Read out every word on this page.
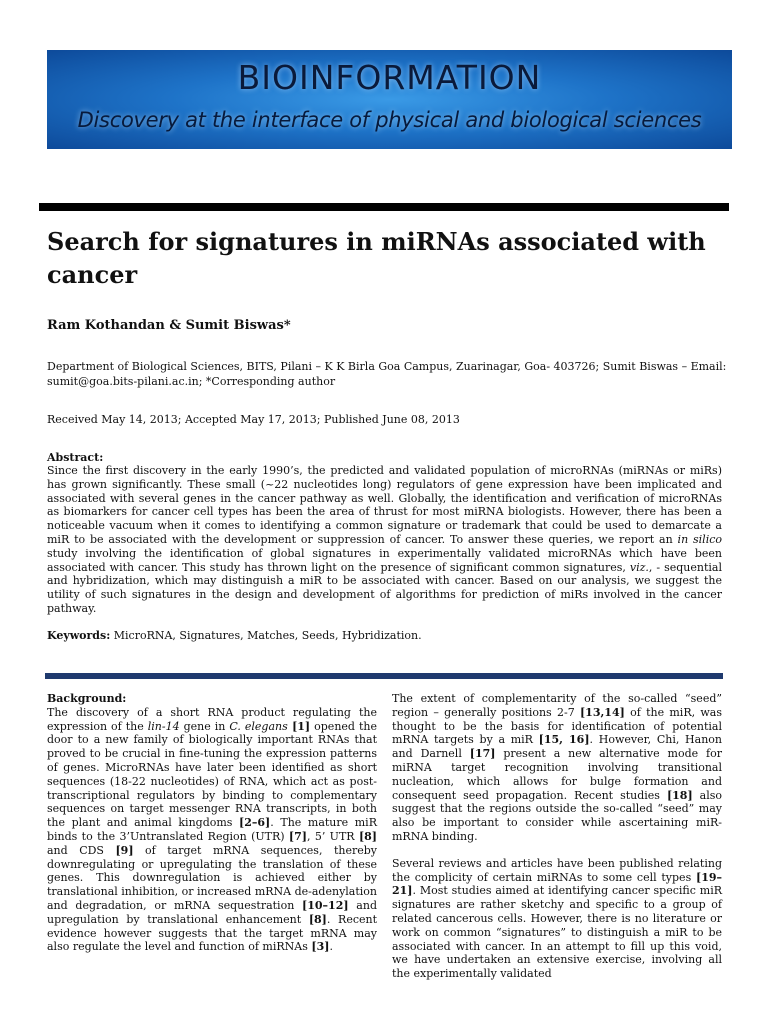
BIOINFORMATION
Discovery at the interface of physical and biological sciences
Search for signatures in miRNAs associated with cancer
Ram Kothandan & Sumit Biswas*
Department of Biological Sciences, BITS, Pilani – K K Birla Goa Campus, Zuarinagar, Goa- 403726; Sumit Biswas – Email: sumit@goa.bits-pilani.ac.in; *Corresponding author
Received May 14, 2013; Accepted May 17, 2013; Published June 08, 2013
Abstract:

Since the first discovery in the early 1990’s, the predicted and validated population of microRNAs (miRNAs or miRs) has grown significantly. These small (~22 nucleotides long) regulators of gene expression have been implicated and associated with several genes in the cancer pathway as well. Globally, the identification and verification of microRNAs as biomarkers for cancer cell types has been the area of thrust for most miRNA biologists. However, there has been a noticeable vacuum when it comes to identifying a common signature or trademark that could be used to demarcate a miR to be associated with the development or suppression of cancer. To answer these queries, we report an in silico study involving the identification of global signatures in experimentally validated microRNAs which have been associated with cancer. This study has thrown light on the presence of significant common signatures, viz., - sequential and hybridization, which may distinguish a miR to be associated with cancer. Based on our analysis, we suggest the utility of such signatures in the design and development of algorithms for prediction of miRs involved in the cancer pathway.

Keywords: MicroRNA, Signatures, Matches, Seeds, Hybridization.

Background:
The discovery of a short RNA product regulating the expression of the lin-14 gene in C. elegans [1] opened the door to a new family of biologically important RNAs that proved to be crucial in fine-tuning the expression patterns of genes. MicroRNAs have later been identified as short sequences (18-22 nucleotides) of RNA, which act as post-transcriptional regulators by binding to complementary sequences on target messenger RNA transcripts, in both the plant and animal kingdoms [2–6]. The mature miR binds to the 3’Untranslated Region (UTR) [7], 5’ UTR [8] and CDS [9] of target mRNA sequences, thereby downregulating or upregulating the translation of these genes. This downregulation is achieved either by translational inhibition, or increased mRNA de-adenylation and degradation, or mRNA sequestration [10–12] and upregulation by translational enhancement [8]. Recent evidence however suggests that the target mRNA may also regulate the level and function of miRNAs [3].

The extent of complementarity of the so-called “seed” region – generally positions 2-7 [13,14] of the miR, was thought to be the basis for identification of potential mRNA targets by a miR [15, 16]. However, Chi, Hanon and Darnell [17] present a new alternative mode for miRNA target recognition involving transitional nucleation, which allows for bulge formation and consequent seed propagation. Recent studies [18] also suggest that the regions outside the so-called “seed” may also be important to consider while ascertaining miR-mRNA binding.

Several reviews and articles have been published relating the complicity of certain miRNAs to some cell types [19–21]. Most studies aimed at identifying cancer specific miR signatures are rather sketchy and specific to a group of related cancerous cells. However, there is no literature or work on common “signatures” to distinguish a miR to be associated with cancer. In an attempt to fill up this void, we have undertaken an extensive exercise, involving all the experimentally validated
